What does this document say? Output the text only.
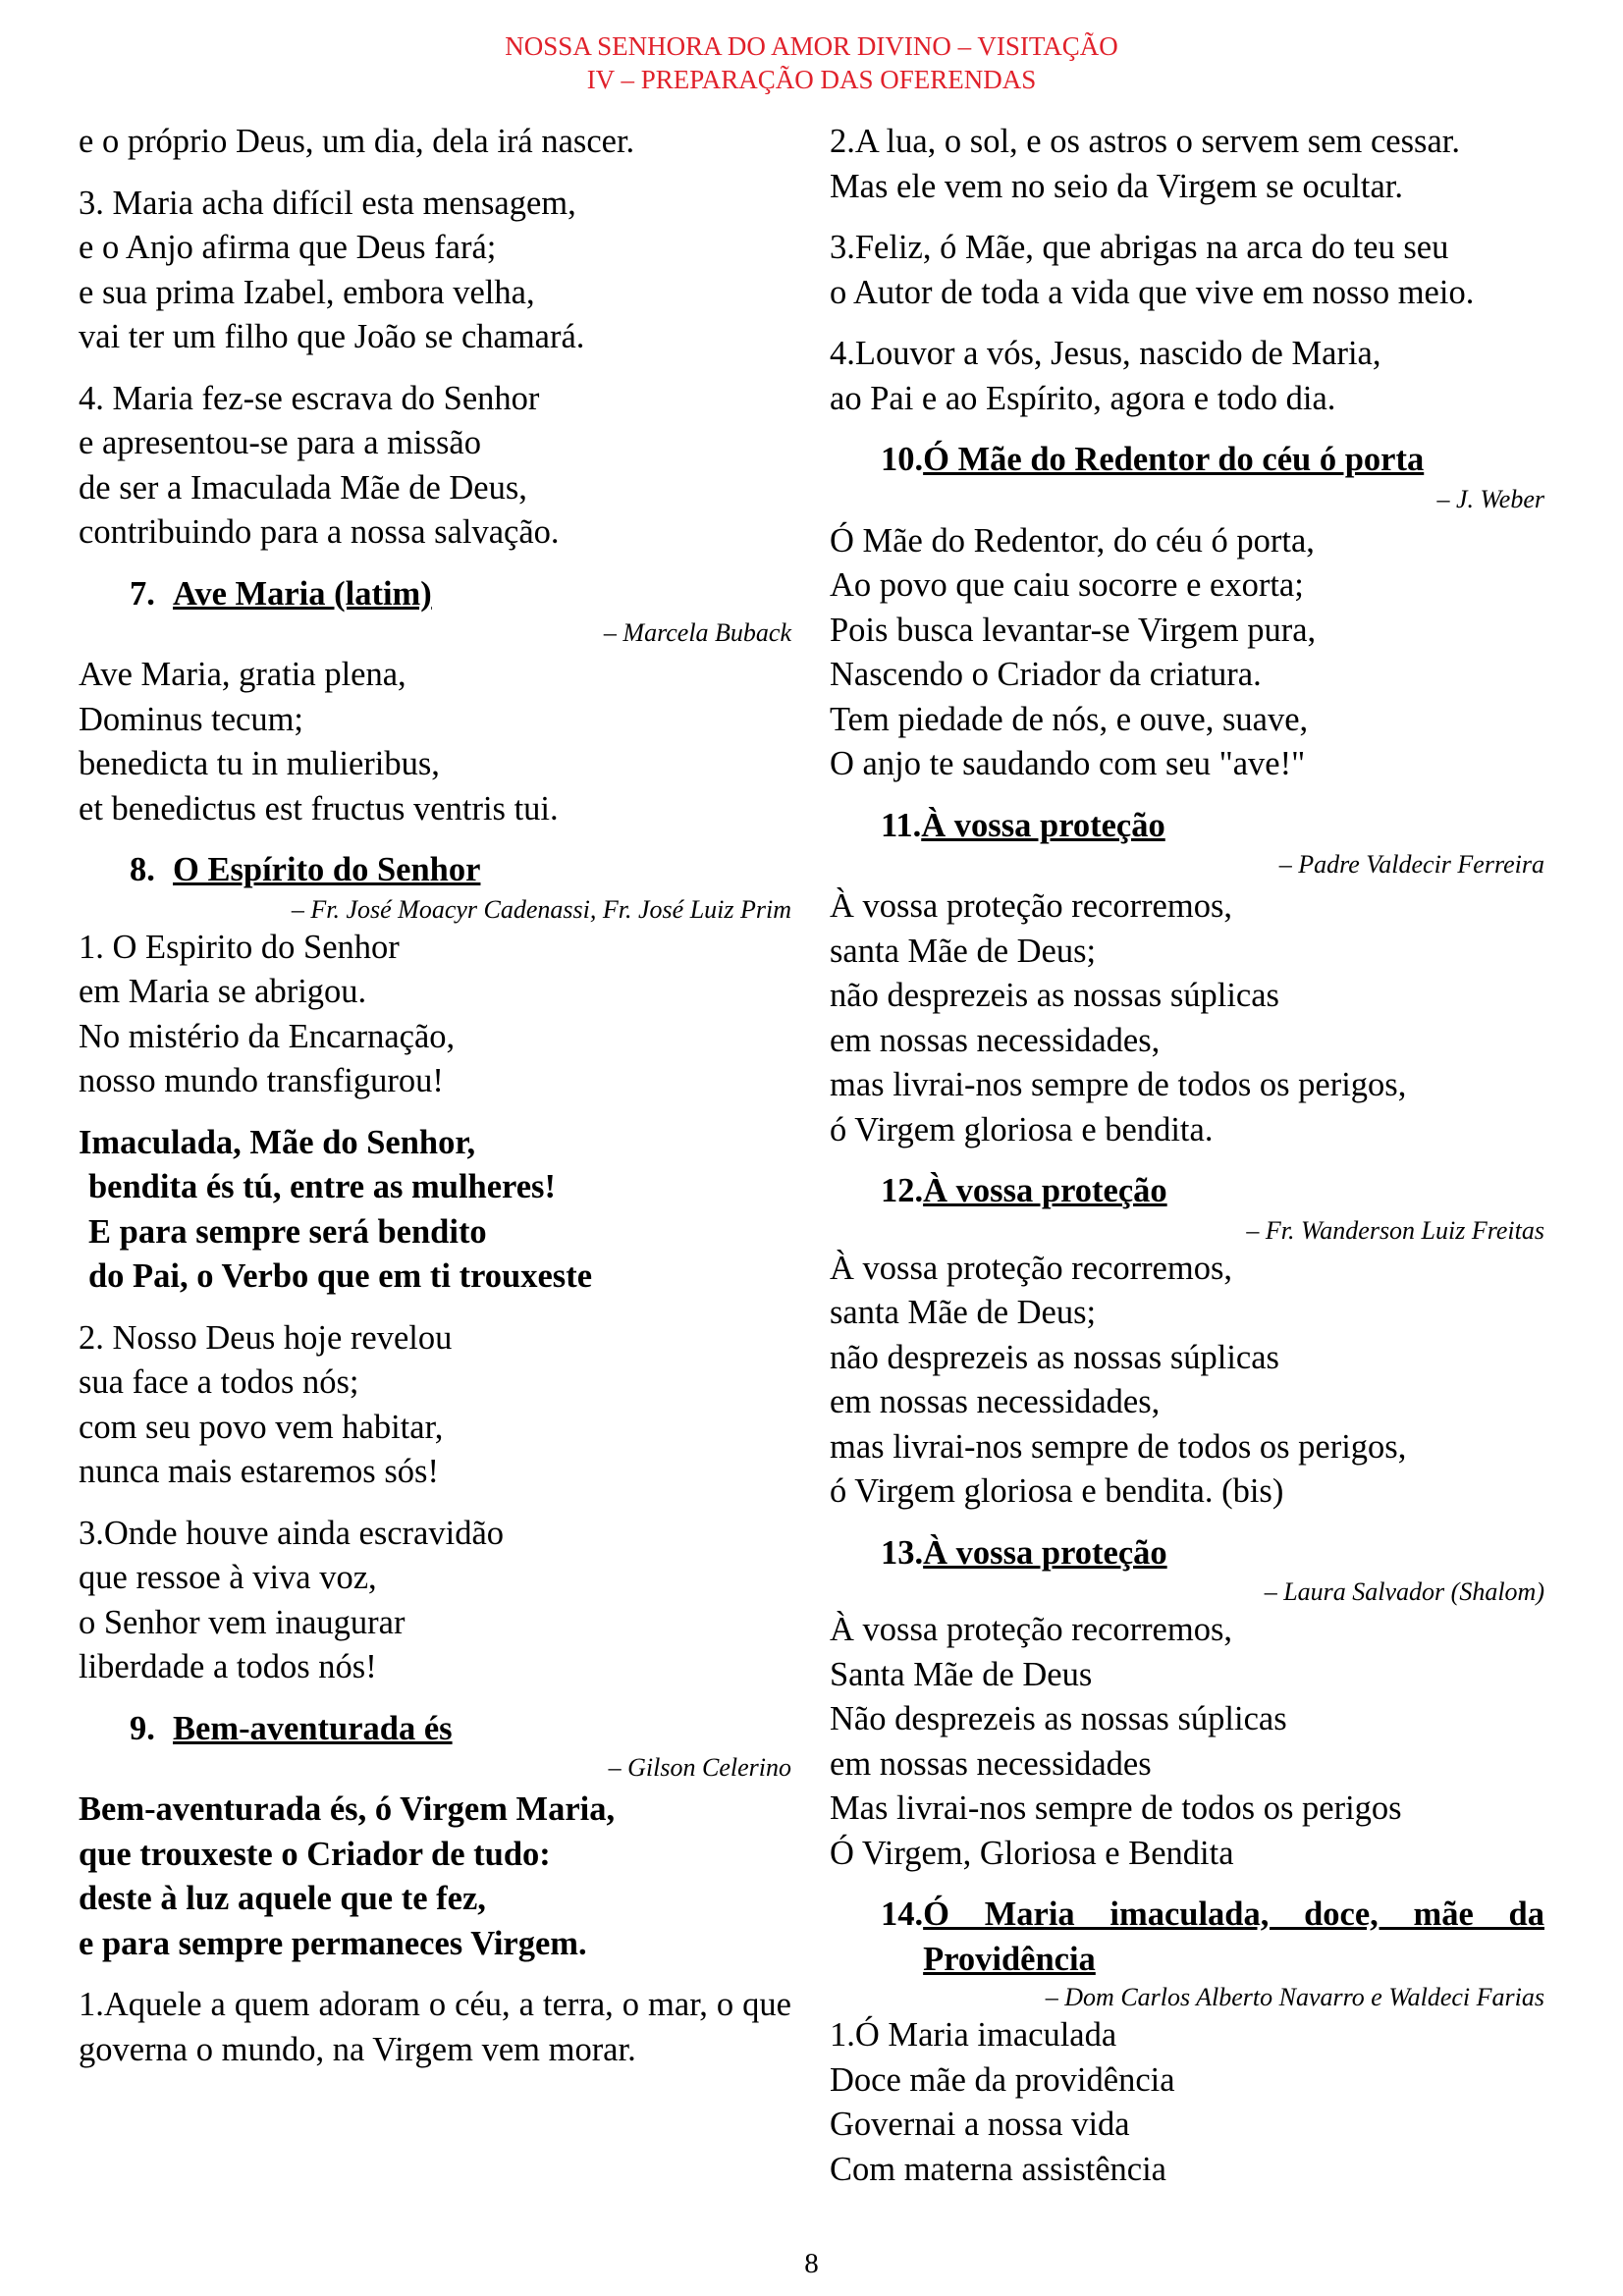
NOSSA SENHORA DO AMOR DIVINO – VISITAÇÃO
IV – PREPARAÇÃO DAS OFERENDAS
e o próprio Deus, um dia, dela irá nascer.
3. Maria acha difícil esta mensagem,
e o Anjo afirma que Deus fará;
e sua prima Izabel, embora velha,
vai ter um filho que João se chamará.
4. Maria fez-se escrava do Senhor
e apresentou-se para a missão
de ser a Imaculada Mãe de Deus,
contribuindo para a nossa salvação.
7. Ave Maria (latim)
– Marcela Buback
Ave Maria, gratia plena,
Dominus tecum;
benedicta tu in mulieribus,
et benedictus est fructus ventris tui.
8. O Espírito do Senhor
– Fr. José Moacyr Cadenassi, Fr. José Luiz Prim
1. O Espirito do Senhor
em Maria se abrigou.
No mistério da Encarnação,
nosso mundo transfigurou!
Imaculada, Mãe do Senhor,
bendita és tú, entre as mulheres!
E para sempre será bendito
do Pai, o Verbo que em ti trouxeste
2. Nosso Deus hoje revelou
sua face a todos nós;
com seu povo vem habitar,
nunca mais estaremos sós!
3.Onde houve ainda escravidão
que ressoe à viva voz,
o Senhor vem inaugurar
liberdade a todos nós!
9. Bem-aventurada és
– Gilson Celerino
Bem-aventurada és, ó Virgem Maria,
que trouxeste o Criador de tudo:
deste à luz aquele que te fez,
e para sempre permaneces Virgem.
1.Aquele a quem adoram o céu, a terra, o mar, o que governa o mundo, na Virgem vem morar.
2.A lua, o sol, e os astros o servem sem cessar.
Mas ele vem no seio da Virgem se ocultar.
3.Feliz, ó Mãe, que abrigas na arca do teu seu
o Autor de toda a vida que vive em nosso meio.
4.Louvor a vós, Jesus, nascido de Maria,
ao Pai e ao Espírito, agora e todo dia.
10.Ó Mãe do Redentor do céu ó porta
– J. Weber
Ó Mãe do Redentor, do céu ó porta,
Ao povo que caiu socorre e exorta;
Pois busca levantar-se Virgem pura,
Nascendo o Criador da criatura.
Tem piedade de nós, e ouve, suave,
O anjo te saudando com seu "ave!"
11.À vossa proteção
– Padre Valdecir Ferreira
À vossa proteção recorremos,
santa Mãe de Deus;
não desprezeis as nossas súplicas
em nossas necessidades,
mas livrai-nos sempre de todos os perigos,
ó Virgem gloriosa e bendita.
12.À vossa proteção
– Fr. Wanderson Luiz Freitas
À vossa proteção recorremos,
santa Mãe de Deus;
não desprezeis as nossas súplicas
em nossas necessidades,
mas livrai-nos sempre de todos os perigos,
ó Virgem gloriosa e bendita. (bis)
13.À vossa proteção
– Laura Salvador (Shalom)
À vossa proteção recorremos,
Santa Mãe de Deus
Não desprezeis as nossas súplicas
em nossas necessidades
Mas livrai-nos sempre de todos os perigos
Ó Virgem, Gloriosa e Bendita
14. Ó Maria imaculada, doce, mãe da Providência
– Dom Carlos Alberto Navarro e Waldeci Farias
1.Ó Maria imaculada
Doce mãe da providência
Governai a nossa vida
Com materna assistência
8
